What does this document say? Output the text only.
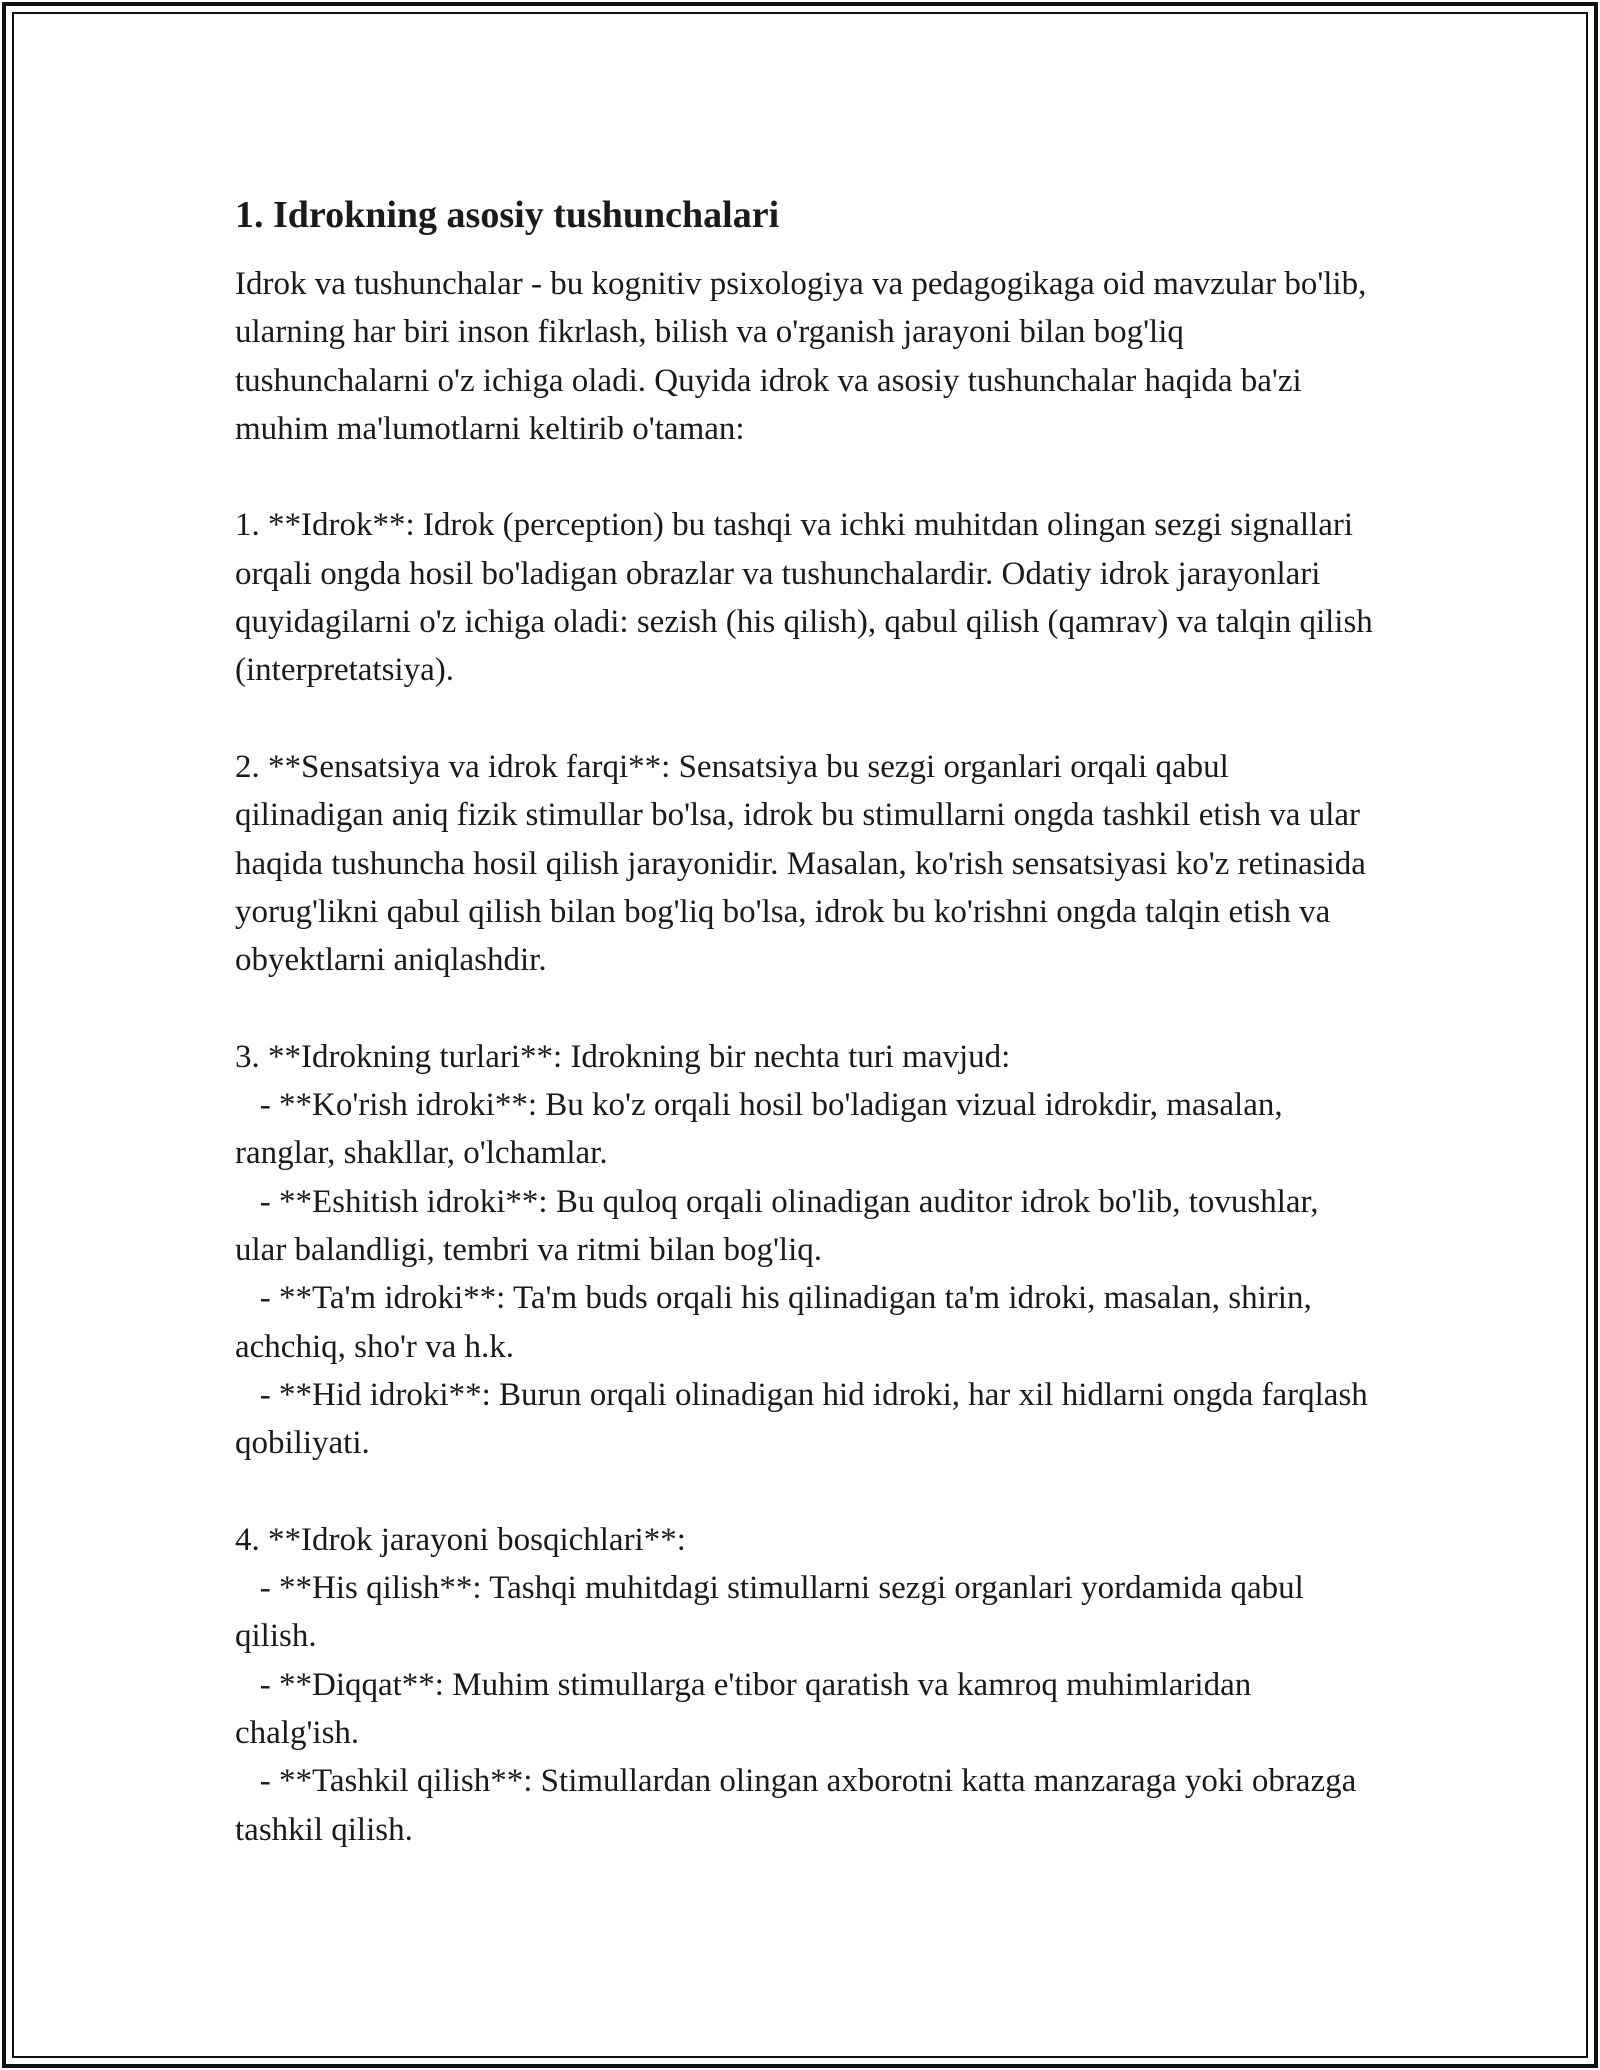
1. Idrokning asosiy tushunchalari

Idrok va tushunchalar - bu kognitiv psixologiya va pedagogikaga oid mavzular bo'lib, ularning har biri inson fikrlash, bilish va o'rganish jarayoni bilan bog'liq tushunchalarni o'z ichiga oladi. Quyida idrok va asosiy tushunchalar haqida ba'zi muhim ma'lumotlarni keltirib o'taman:

1. **Idrok**: Idrok (perception) bu tashqi va ichki muhitdan olingan sezgi signallari orqali ongda hosil bo'ladigan obrazlar va tushunchalardir. Odatiy idrok jarayonlari quyidagilarni o'z ichiga oladi: sezish (his qilish), qabul qilish (qamrav) va talqin qilish (interpretatsiya).

2. **Sensatsiya va idrok farqi**: Sensatsiya bu sezgi organlari orqali qabul qilinadigan aniq fizik stimullar bo'lsa, idrok bu stimullarni ongda tashkil etish va ular haqida tushuncha hosil qilish jarayonidir. Masalan, ko'rish sensatsiyasi ko'z retinasida yorug'likni qabul qilish bilan bog'liq bo'lsa, idrok bu ko'rishni ongda talqin etish va obyektlarni aniqlashdir.

3. **Idrokning turlari**: Idrokning bir nechta turi mavjud:

- **Ko'rish idroki**: Bu ko'z orqali hosil bo'ladigan vizual idrokdir, masalan, ranglar, shakllar, o'lchamlar.

- **Eshitish idroki**: Bu quloq orqali olinadigan auditor idrok bo'lib, tovushlar, ular balandligi, tembri va ritmi bilan bog'liq.

- **Ta'm idroki**: Ta'm buds orqali his qilinadigan ta'm idroki, masalan, shirin, achchiq, sho'r va h.k.

- **Hid idroki**: Burun orqali olinadigan hid idroki, har xil hidlarni ongda farqlash qobiliyati.

4. **Idrok jarayoni bosqichlari**:

- **His qilish**: Tashqi muhitdagi stimullarni sezgi organlari yordamida qabul qilish.

- **Diqqat**: Muhim stimullarga e'tibor qaratish va kamroq muhimlaridan chalg'ish.

- **Tashkil qilish**: Stimullardan olingan axborotni katta manzaraga yoki obrazga tashkil qilish.
